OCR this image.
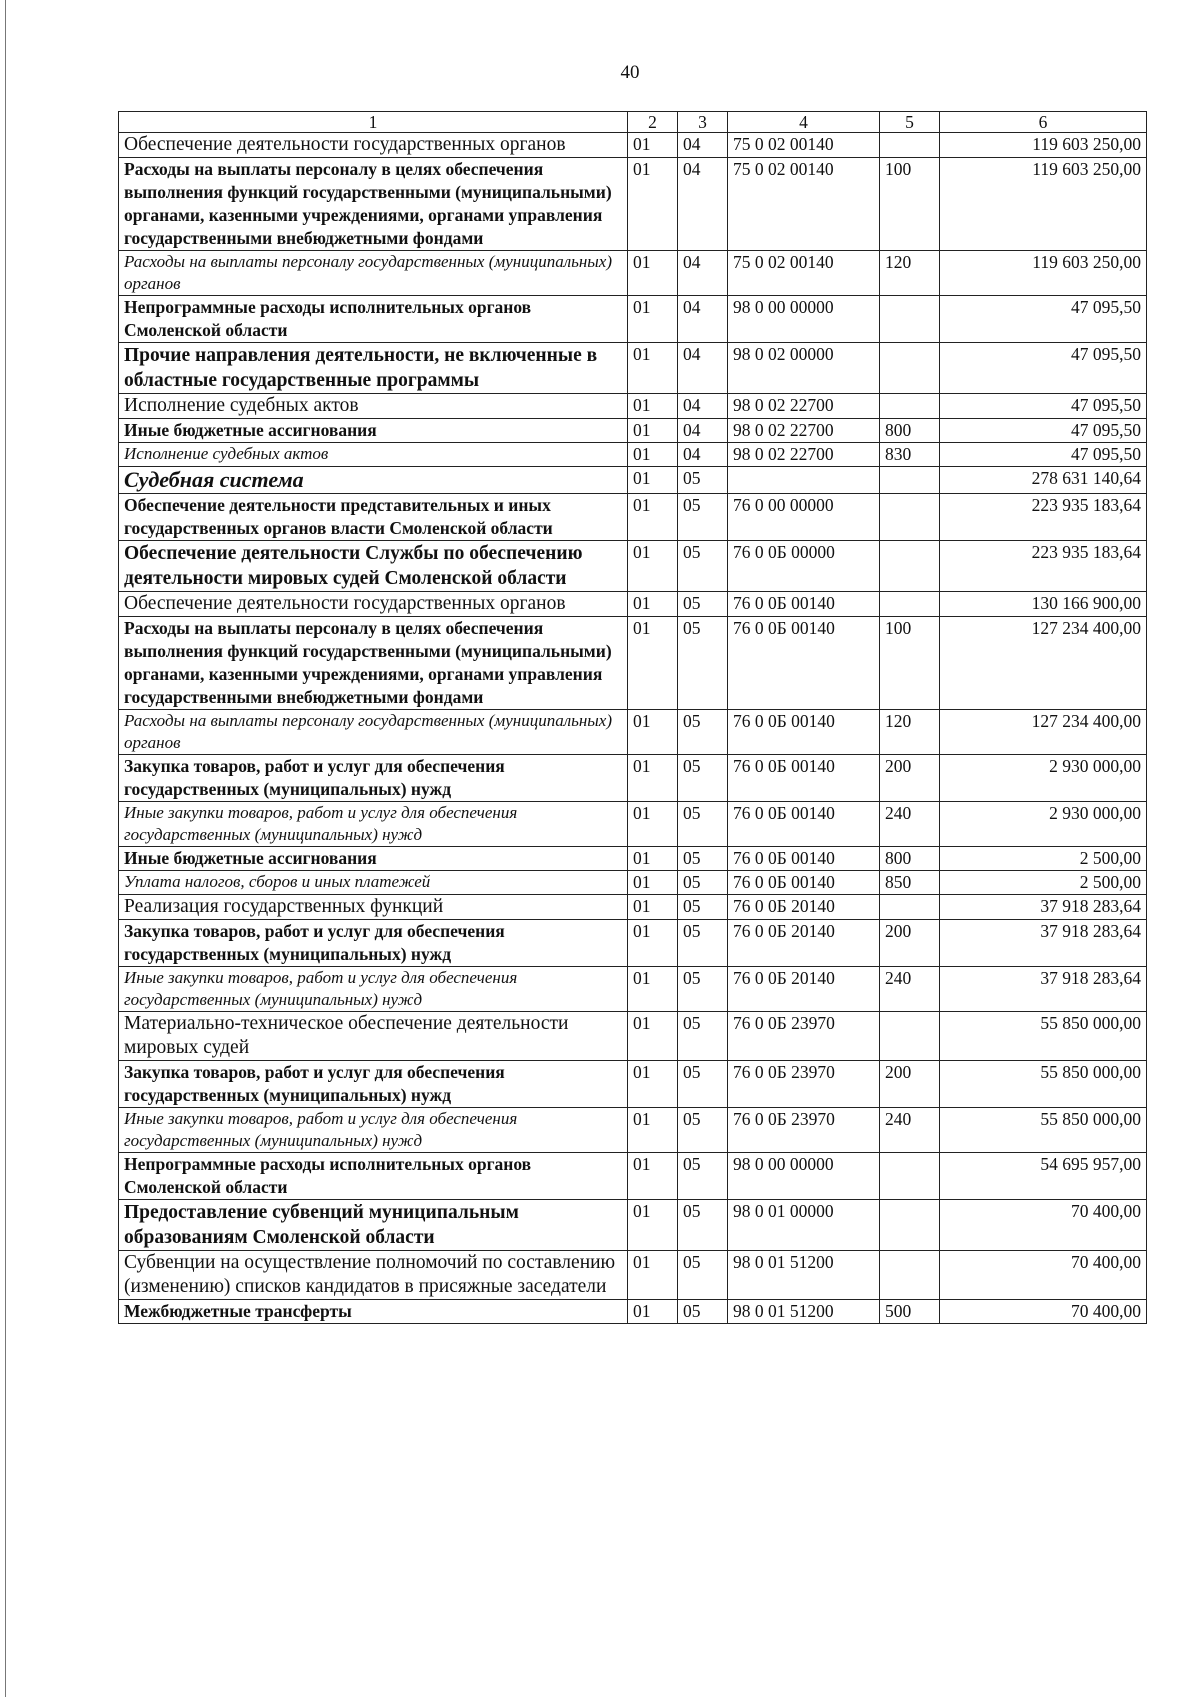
40
1	2	3	4	5	6
Обеспечение деятельности государственных органов	01	04	75 0 02 00140		119 603 250,00
Расходы на выплаты персоналу в целях обеспечения выполнения функций государственными (муниципальными) органами, казенными учреждениями, органами управления государственными внебюджетными фондами	01	04	75 0 02 00140	100	119 603 250,00
Расходы на выплаты персоналу государственных (муниципальных) органов	01	04	75 0 02 00140	120	119 603 250,00
Непрограммные расходы исполнительных органов Смоленской области	01	04	98 0 00 00000		47 095,50
Прочие направления деятельности, не включенные в областные государственные программы	01	04	98 0 02 00000		47 095,50
Исполнение судебных актов	01	04	98 0 02 22700		47 095,50
Иные бюджетные ассигнования	01	04	98 0 02 22700	800	47 095,50
Исполнение судебных актов	01	04	98 0 02 22700	830	47 095,50
Судебная система	01	05			278 631 140,64
Обеспечение деятельности представительных и иных государственных органов власти Смоленской области	01	05	76 0 00 00000		223 935 183,64
Обеспечение деятельности Службы по обеспечению деятельности мировых судей Смоленской области	01	05	76 0 0Б 00000		223 935 183,64
Обеспечение деятельности государственных органов	01	05	76 0 0Б 00140		130 166 900,00
Расходы на выплаты персоналу в целях обеспечения выполнения функций государственными (муниципальными) органами, казенными учреждениями, органами управления государственными внебюджетными фондами	01	05	76 0 0Б 00140	100	127 234 400,00
Расходы на выплаты персоналу государственных (муниципальных) органов	01	05	76 0 0Б 00140	120	127 234 400,00
Закупка товаров, работ и услуг для обеспечения государственных (муниципальных) нужд	01	05	76 0 0Б 00140	200	2 930 000,00
Иные закупки товаров, работ и услуг для обеспечения государственных (муниципальных) нужд	01	05	76 0 0Б 00140	240	2 930 000,00
Иные бюджетные ассигнования	01	05	76 0 0Б 00140	800	2 500,00
Уплата налогов, сборов и иных платежей	01	05	76 0 0Б 00140	850	2 500,00
Реализация государственных функций	01	05	76 0 0Б 20140		37 918 283,64
Закупка товаров, работ и услуг для обеспечения государственных (муниципальных) нужд	01	05	76 0 0Б 20140	200	37 918 283,64
Иные закупки товаров, работ и услуг для обеспечения государственных (муниципальных) нужд	01	05	76 0 0Б 20140	240	37 918 283,64
Материально-техническое обеспечение деятельности мировых судей	01	05	76 0 0Б 23970		55 850 000,00
Закупка товаров, работ и услуг для обеспечения государственных (муниципальных) нужд	01	05	76 0 0Б 23970	200	55 850 000,00
Иные закупки товаров, работ и услуг для обеспечения государственных (муниципальных) нужд	01	05	76 0 0Б 23970	240	55 850 000,00
Непрограммные расходы исполнительных органов Смоленской области	01	05	98 0 00 00000		54 695 957,00
Предоставление субвенций муниципальным образованиям Смоленской области	01	05	98 0 01 00000		70 400,00
Субвенции на осуществление полномочий по составлению (изменению) списков кандидатов в присяжные заседатели	01	05	98 0 01 51200		70 400,00
Межбюджетные трансферты	01	05	98 0 01 51200	500	70 400,00
